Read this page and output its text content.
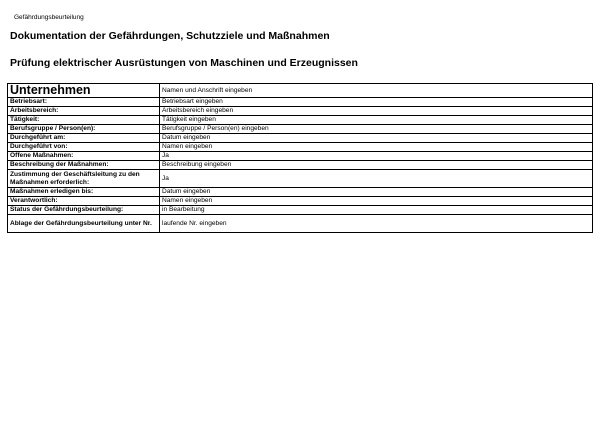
Gefährdungsbeurteilung
Dokumentation der Gefährdungen, Schutzziele und Maßnahmen
Prüfung elektrischer Ausrüstungen von Maschinen und Erzeugnissen
Unternehmen	Namen und Anschrift eingeben
Betriebsart:	Betriebsart eingeben
Arbeitsbereich:	Arbeitsbereich eingeben
Tätigkeit:	Tätigkeit eingeben
Berufsgruppe / Person(en):	Berufsgruppe / Person(en) eingeben
Durchgeführt am:	Datum eingeben
Durchgeführt von:	Namen eingeben
Offene Maßnahmen:	Ja
Beschreibung der Maßnahmen:	Beschreibung eingeben
Zustimmung der Geschäftsleitung zu den Maßnahmen erforderlich:	Ja
Maßnahmen erledigen bis:	Datum eingeben
Verantwortlich:	Namen eingeben
Status der Gefährdungsbeurteilung:	in Bearbeitung
Ablage der Gefährdungsbeurteilung unter Nr.	laufende Nr. eingeben
